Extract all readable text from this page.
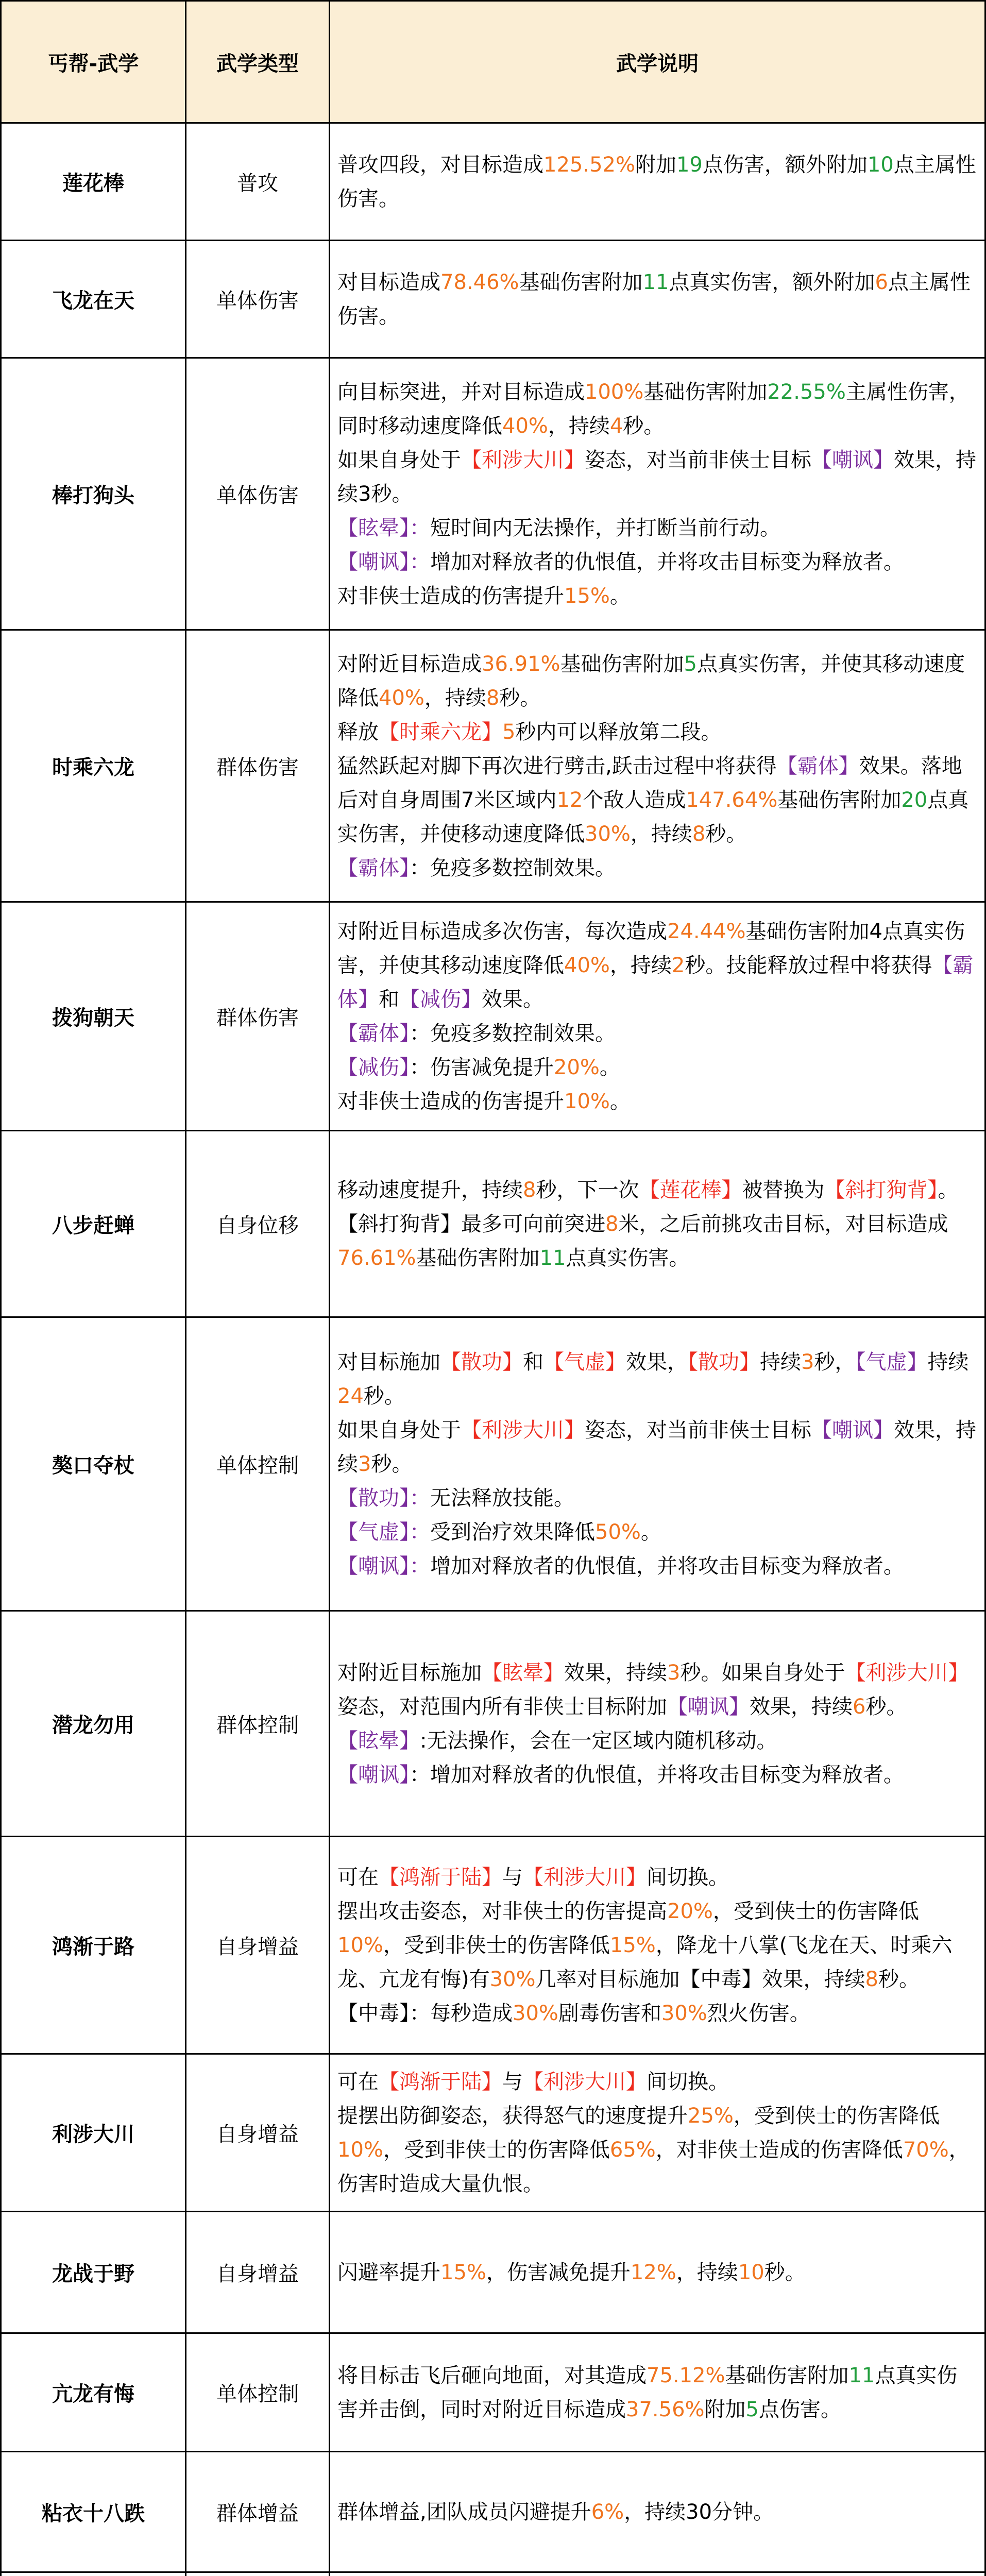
丐帮-武学	武学类型	武学说明
莲花棒	普攻	普攻四段，对目标造成125.52%附加19点伤害，额外附加10点主属性伤害。

飞龙在天	单体伤害	对目标造成78.46%基础伤害附加11点真实伤害，额外附加6点主属性伤害。

棒打狗头	单体伤害	向目标突进，并对目标造成100%基础伤害附加22.55%主属性伤害，同时移动速度降低40%，持续4秒。
如果自身处于【利涉大川】姿态，对当前非侠士目标【嘲讽】效果，持续3秒。
【眩晕】：短时间内无法操作，并打断当前行动。
【嘲讽】：增加对释放者的仇恨值，并将攻击目标变为释放者。
对非侠士造成的伤害提升15%。

时乘六龙	群体伤害	对附近目标造成36.91%基础伤害附加5点真实伤害，并使其移动速度降低40%，持续8秒。
释放【时乘六龙】5秒内可以释放第二段。
猛然跃起对脚下再次进行劈击,跃击过程中将获得【霸体】效果。落地后对自身周围7米区域内12个敌人造成147.64%基础伤害附加20点真实伤害，并使移动速度降低30%，持续8秒。
【霸体】：免疫多数控制效果。

拨狗朝天	群体伤害	对附近目标造成多次伤害，每次造成24.44%基础伤害附加4点真实伤害，并使其移动速度降低40%，持续2秒。技能释放过程中将获得【霸体】和【减伤】效果。
【霸体】：免疫多数控制效果。
【减伤】：伤害减免提升20%。
对非侠士造成的伤害提升10%。

八步赶蝉	自身位移	移动速度提升，持续8秒，下一次【莲花棒】被替换为【斜打狗背】。
【斜打狗背】最多可向前突进8米，之后前挑攻击目标，对目标造成76.61%基础伤害附加11点真实伤害。

獒口夺杖	单体控制	对目标施加【散功】和【气虚】效果，【散功】持续3秒，【气虚】持续24秒。
如果自身处于【利涉大川】姿态，对当前非侠士目标【嘲讽】效果，持续3秒。
【散功】：无法释放技能。
【气虚】：受到治疗效果降低50%。
【嘲讽】：增加对释放者的仇恨值，并将攻击目标变为释放者。

潜龙勿用	群体控制	对附近目标施加【眩晕】效果，持续3秒。如果自身处于【利涉大川】姿态，对范围内所有非侠士目标附加【嘲讽】效果，持续6秒。
【眩晕】:无法操作，会在一定区域内随机移动。
【嘲讽】：增加对释放者的仇恨值，并将攻击目标变为释放者。

鸿渐于路	自身增益	可在【鸿渐于陆】与【利涉大川】间切换。
摆出攻击姿态，对非侠士的伤害提高20%，受到侠士的伤害降低10%，受到非侠士的伤害降低15%，降龙十八掌(飞龙在天、时乘六龙、亢龙有悔)有30%几率对目标施加【中毒】效果，持续8秒。
【中毒】：每秒造成30%剧毒伤害和30%烈火伤害。

利涉大川	自身增益	可在【鸿渐于陆】与【利涉大川】间切换。
提摆出防御姿态，获得怒气的速度提升25%，受到侠士的伤害降低10%，受到非侠士的伤害降低65%，对非侠士造成的伤害降低70%，伤害时造成大量仇恨。

龙战于野	自身增益	闪避率提升15%，伤害减免提升12%，持续10秒。

亢龙有悔	单体控制	将目标击飞后砸向地面，对其造成75.12%基础伤害附加11点真实伤害并击倒，同时对附近目标造成37.56%附加5点伤害。

粘衣十八跌	群体增益	群体增益,团队成员闪避提升6%，持续30分钟。
